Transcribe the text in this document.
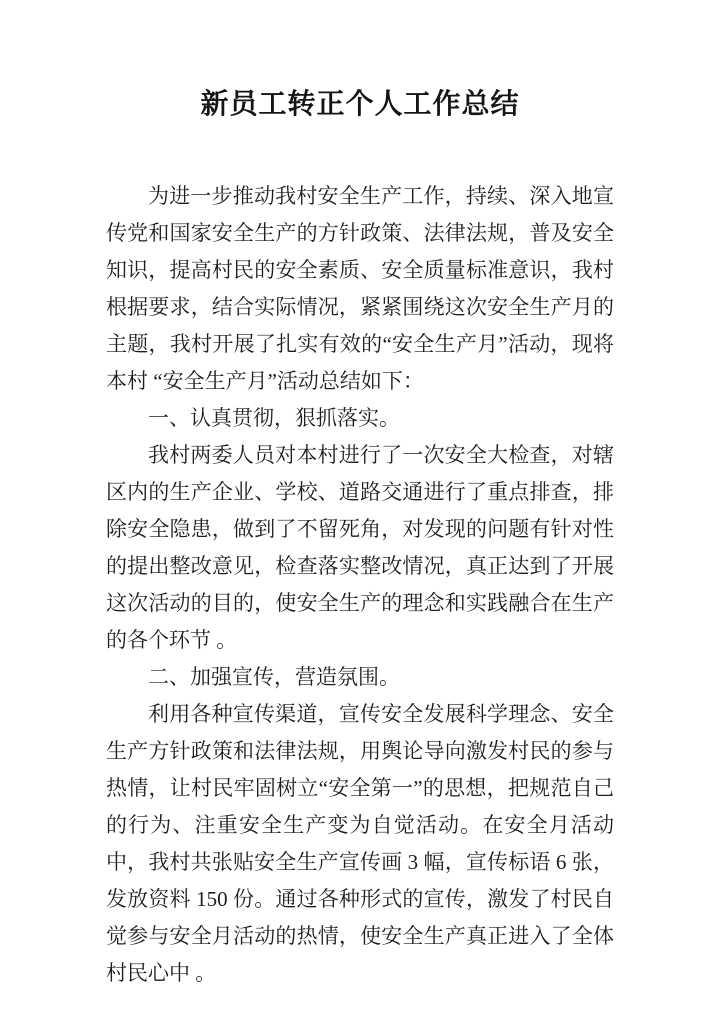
新员工转正个人工作总结

为进一步推动我村安全生产工作，持续、深入地宣传党和国家安全生产的方针政策、法律法规，普及安全知识，提高村民的安全素质、安全质量标准意识，我村根据要求，结合实际情况，紧紧围绕这次安全生产月的主题，我村开展了扎实有效的“安全生产月”活动，现将本村 “安全生产月”活动总结如下：

一、认真贯彻，狠抓落实。

我村两委人员对本村进行了一次安全大检查，对辖区内的生产企业、学校、道路交通进行了重点排查，排除安全隐患，做到了不留死角，对发现的问题有针对性的提出整改意见，检查落实整改情况，真正达到了开展这次活动的目的，使安全生产的理念和实践融合在生产的各个环节 。

二、加强宣传，营造氛围。

利用各种宣传渠道，宣传安全发展科学理念、安全生产方针政策和法律法规，用舆论导向激发村民的参与热情，让村民牢固树立“安全第一”的思想，把规范自己的行为、注重安全生产变为自觉活动。在安全月活动中，我村共张贴安全生产宣传画 3 幅，宣传标语 6 张，发放资料 150 份。通过各种形式的宣传，激发了村民自觉参与安全月活动的热情，使安全生产真正进入了全体村民心中 。
